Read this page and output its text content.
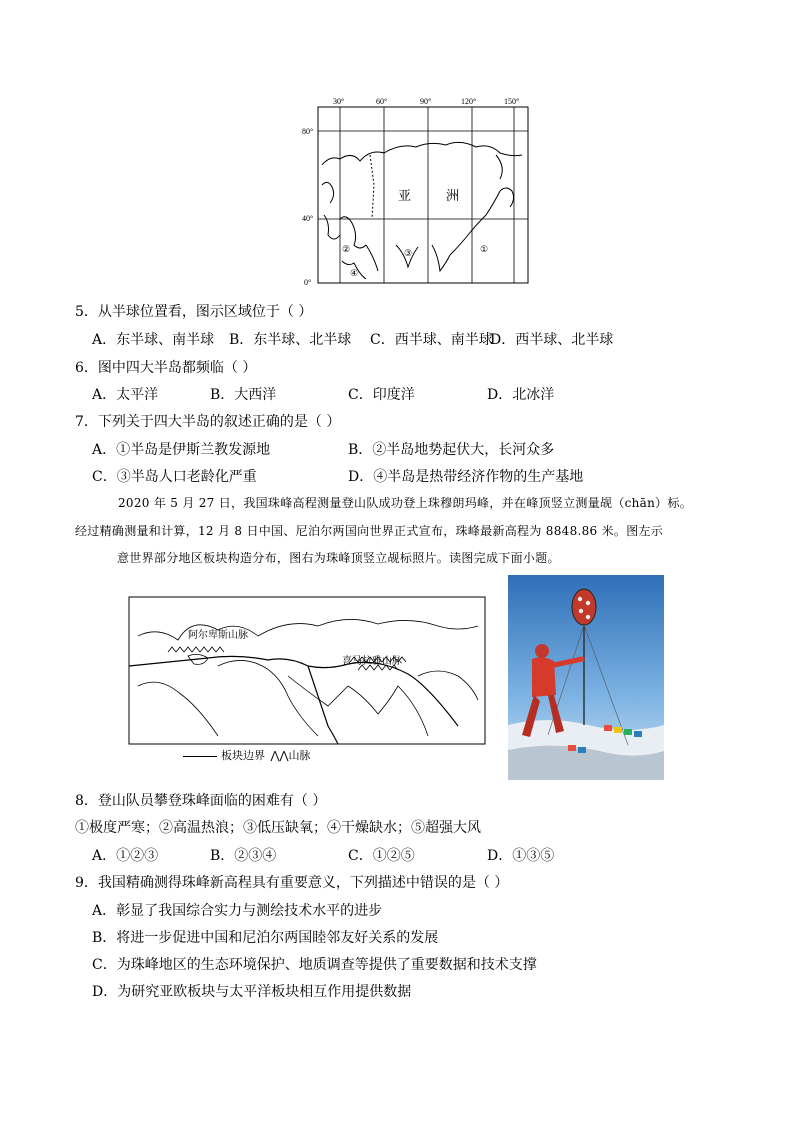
30°	60°	90°	120°	150°
80°
40°
0°
亚	洲
①
②	③
④
5．从半球位置看，图示区域位于（ ）
A．东半球、南半球 B．东半球、北半球 C．西半球、南半球
D．西半球、北半球
6．图中四大半岛都频临（ ）
A．太平洋	B．大西洋	C．印度洋	D．北冰洋
7．下列关于四大半岛的叙述正确的是（ ）
A．①半岛是伊斯兰教发源地	B．②半岛地势起伏大，长河众多
C．③半岛人口老龄化严重	D．④半岛是热带经济作物的生产基地
2020 年 5 月 27 日，我国珠峰高程测量登山队成功登上珠穆朗玛峰，并在峰顶竖立测量觇（chān）标。
经过精确测量和计算，12 月 8 日中国、尼泊尔两国向世界正式宣布，珠峰最新高程为 8848.86 米。图左示
意世界部分地区板块构造分布，图右为珠峰顶竖立觇标照片。读图完成下面小题。
阿尔卑斯山脉
喜马拉雅山脉
板块边界 ⋀⋀山脉
8．登山队员攀登珠峰面临的困难有（ ）
①极度严寒；②高温热浪；③低压缺氧；④干燥缺水；⑤超强大风
A．①②③	B．②③④	C．①②⑤	D．①③⑤
9．我国精确测得珠峰新高程具有重要意义，下列描述中错误的是（ ）
A．彰显了我国综合实力与测绘技术水平的进步
B．将进一步促进中国和尼泊尔两国睦邻友好关系的发展
C．为珠峰地区的生态环境保护、地质调查等提供了重要数据和技术支撑
D．为研究亚欧板块与太平洋板块相互作用提供数据
